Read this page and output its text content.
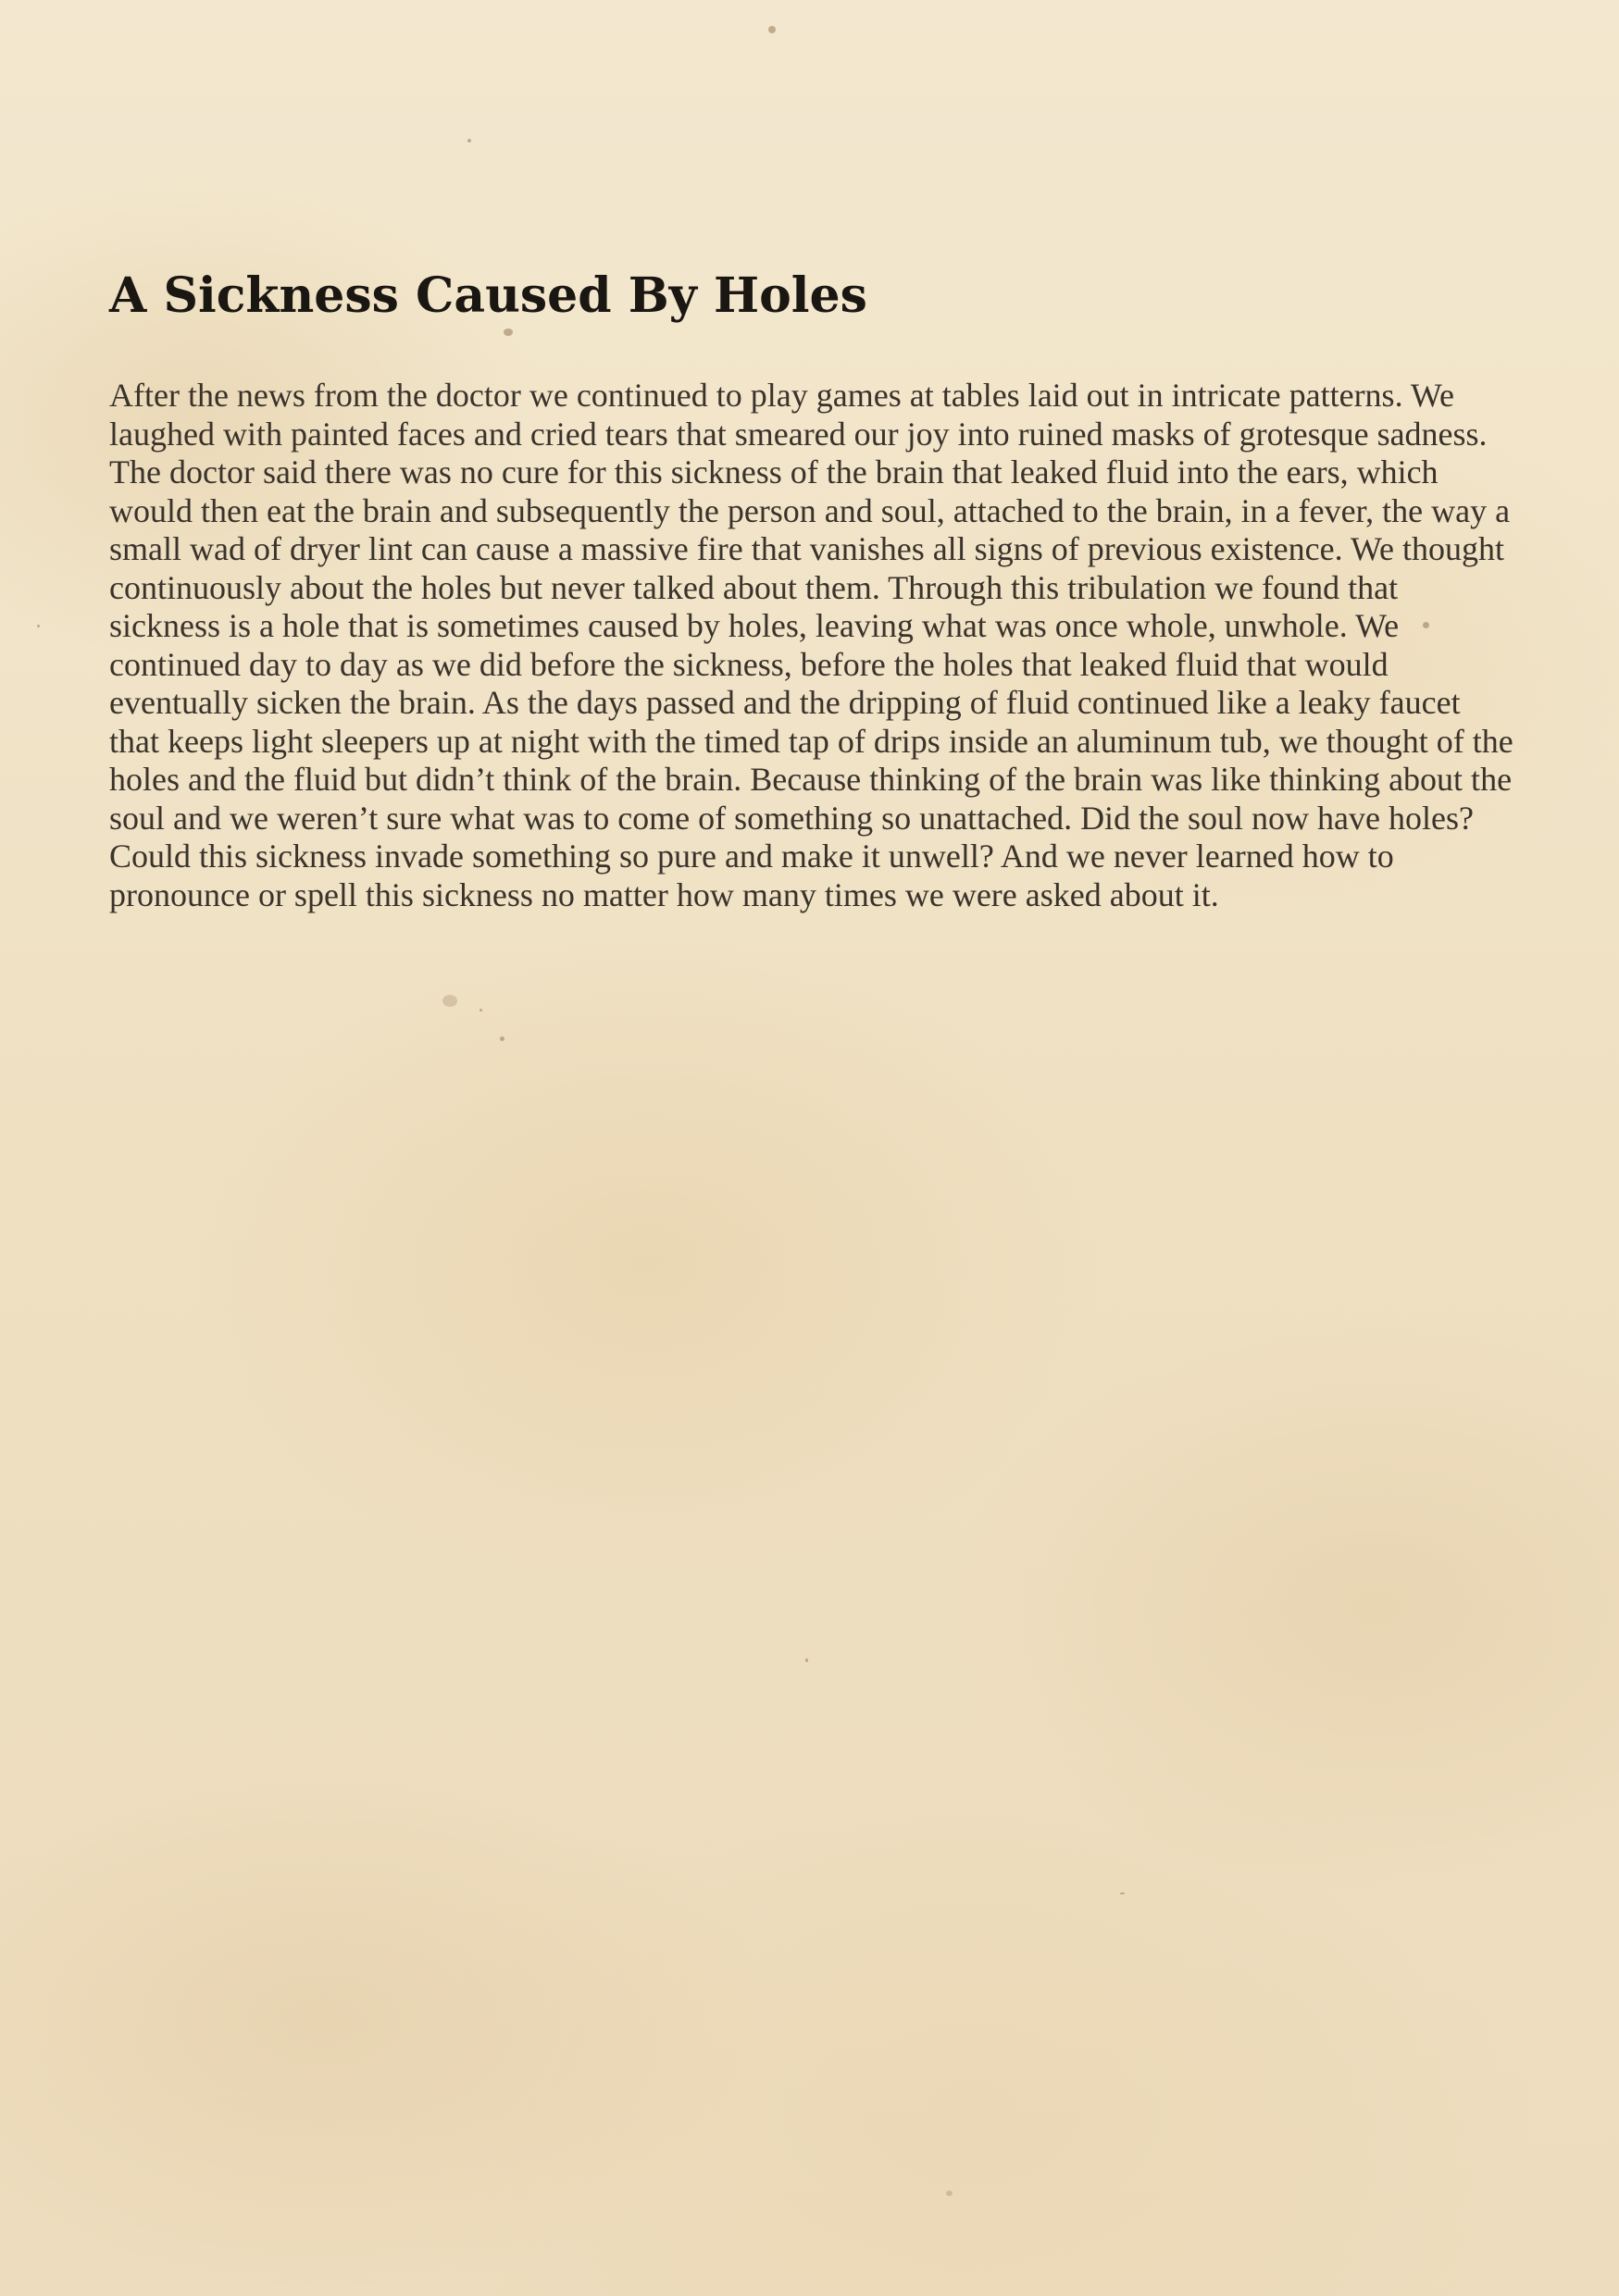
A Sickness Caused By Holes

After the news from the doctor we continued to play games at tables laid out in intricate patterns. We laughed with painted faces and cried tears that smeared our joy into ruined masks of grotesque sadness. The doctor said there was no cure for this sickness of the brain that leaked fluid into the ears, which would then eat the brain and subsequently the person and soul, attached to the brain, in a fever, the way a small wad of dryer lint can cause a massive fire that vanishes all signs of previous existence. We thought continuously about the holes but never talked about them. Through this tribulation we found that sickness is a hole that is sometimes caused by holes, leaving what was once whole, unwhole. We continued day to day as we did before the sickness, before the holes that leaked fluid that would eventually sicken the brain. As the days passed and the dripping of fluid continued like a leaky faucet that keeps light sleepers up at night with the timed tap of drips inside an aluminum tub, we thought of the holes and the fluid but didn’t think of the brain. Because thinking of the brain was like thinking about the soul and we weren’t sure what was to come of something so unattached. Did the soul now have holes? Could this sickness invade something so pure and make it unwell? And we never learned how to pronounce or spell this sickness no matter how many times we were asked about it.
